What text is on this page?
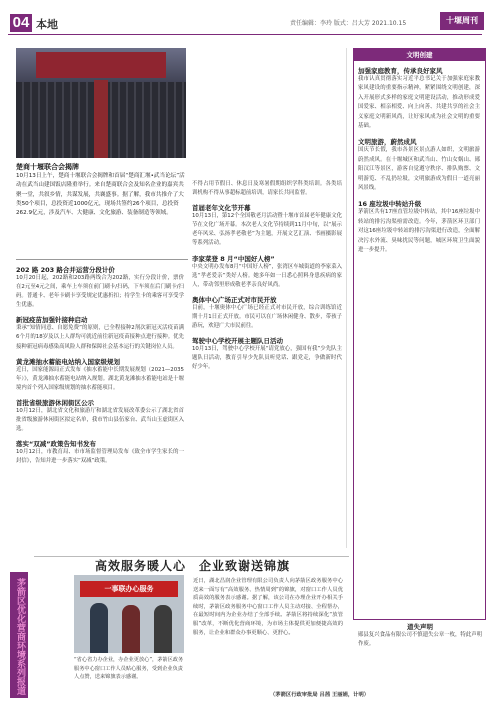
04 本地	责任编辑：李玲 版式：吕大芳 2021.10.15	十堰周刊
楚商十堰联合会揭牌
10月13日上午，楚商十堰联合会揭牌和首届“楚商汇堰•武当论坛”活动在武当山建国饭店隆重举行。来自楚商联合会及知名企业的嘉宾共聚一堂，共叙乡情，共谋发展，共襄盛事。据了解，我市共推介了大类50个项目，总投资近1000亿元，现场共签约26个项目，总投资262.9亿元，涉及汽车、大健康、文化旅游、装备制造等领域。
202 路 203 路合并运营分段计价
10月20日起，202路和203路两线合为202路，实行分段计价，票价在2元至4元之间，乘车上车须在前门刷卡/扫码，下车须在后门刷卡/扫码。普通卡、老年卡刷卡享受规定优惠折扣；持学生卡的乘客可享受学生优惠。
新冠疫苗加强针接种启动
秉承“知情同意、自愿免费”的原则，已全程接种2剂次新冠灭活疫苗满6个月的18岁及以上人群均可就近前往新冠疫苗接种点进行接种。优先接种新冠病毒感染高风险人群和保障社会基本运行的关键岗位人员。
黄龙滩抽水蓄能电站纳入国家级规划
近日，国家能源局正式发布《抽水蓄能中长期发展规划（2021—2035年）》，黄龙滩抽水蓄能电站纳入规划。湖北黄龙滩抽水蓄能电站是十堰境内首个列入国家级规划的抽水蓄能项目。
首批省级旅游休闲街区公示
10月12日，湖北省文化和旅游厅和湖北省发展改革委公示了湖北省首批省级旅游休闲街区拟定名单，我市竹山县伍家台、武当山玉虚街区入选。
落实“双减”政策告知书发布
10月12日，市教育局、市市场监督管理局发布《致全市学生家长的一封信》，告知并进一步落实“双减”政策。
不得占用节假日、休息日及寒暑假期组织学科类培训。各类培训机构不得从事超标超前培训，请家长共同监督。
首届老年文化节开幕
10月13日，第12个全国敬老月活动暨十堰市首届老年健康文化节在文化广场开幕。本次老人文化节持续到11月中旬，以“展示老年风采、弘扬孝老敬老”为主题，开展文艺汇演、书画摄影展等系列活动。
李家菜登 8 月“中国好人榜”
中央文明办发布8月“中国好人榜”，张湾区车城街道的李家菜入选“孝老爱亲”类好人榜。她多年如一日悉心照料身患疾病的家人，带动邻里形成敬老孝亲良好风尚。
奥体中心广场正式对市民开放
目前，十堰奥体中心广场已经正式对市民开放，综合训练馆近期十月1日正式开放。市民可以在广场休闲健身、散步，带孩子游玩，欢迎广大市民前往。
驾驶中心学校开展主题队日活动
10月13日，驾驶中心学校开展“请党放心，强国有我”少先队主题队日活动，教育引导少先队员听党话、跟党走，争做新时代好少年。
文明创建
加强家庭教育，传承良好家风
我市认真贯彻落实习近平总书记关于加强家庭家教家风建设的重要指示精神，紧紧围绕文明创建，深入开展形式多样的家庭文明建设活动，推动形成爱国爱家、相亲相爱、向上向善、共建共享的社会主义家庭文明新风尚，让好家风成为社会文明的重要基础。
文明旅游，蔚然成风
国庆节长假，我市各景区景点游人如织，文明旅游蔚然成风。在十堰城区和武当山、竹山女娲山、郧阳汉江等景区，游客自觉遵守秩序、排队购票、文明游览、不乱扔垃圾，文明旅游成为假日一道亮丽风景线。
16 座垃圾中转站升级
茅箭区共有17座直管垃圾中转站，其中16座垃圾中转站的排污沟渠亟需改造。今年，茅箭区环卫部门对这16座垃圾中转站的排污沟渠进行改造，全面解决污水外流、臭味扰民等问题，城区环境卫生面貌进一步提升。
道失声明
郧县复兴食品有限公司不慎遗失公章一枚，特此声明作废。
茅箭区优化营商环境系列报道
高效服务暖人心　企业致谢送锦旗
一事联办心服务
“省心省力办企业，办企业更放心”，茅箭区政务服务中心窗口工作人员贴心服务，受到企业负责人点赞，送来锦旗表示感谢。
近日，湖北昌润企业管理有限公司负责人向茅箭区政务服务中心送来一面写有“高效服务、热情周到”的锦旗，对窗口工作人员优质高效的服务表示感谢。据了解，该公司在办理企业开办相关手续时，茅箭区政务服务中心窗口工作人员主动对接、全程帮办，在最短时间内为企业办结了全部手续。茅箭区将持续深化“放管服”改革，不断优化营商环境，为市场主体提供更加便捷高效的服务，让企业和群众办事更顺心、更舒心。
（茅箭区行政审批局 吕茜 王丽娟，计明）
